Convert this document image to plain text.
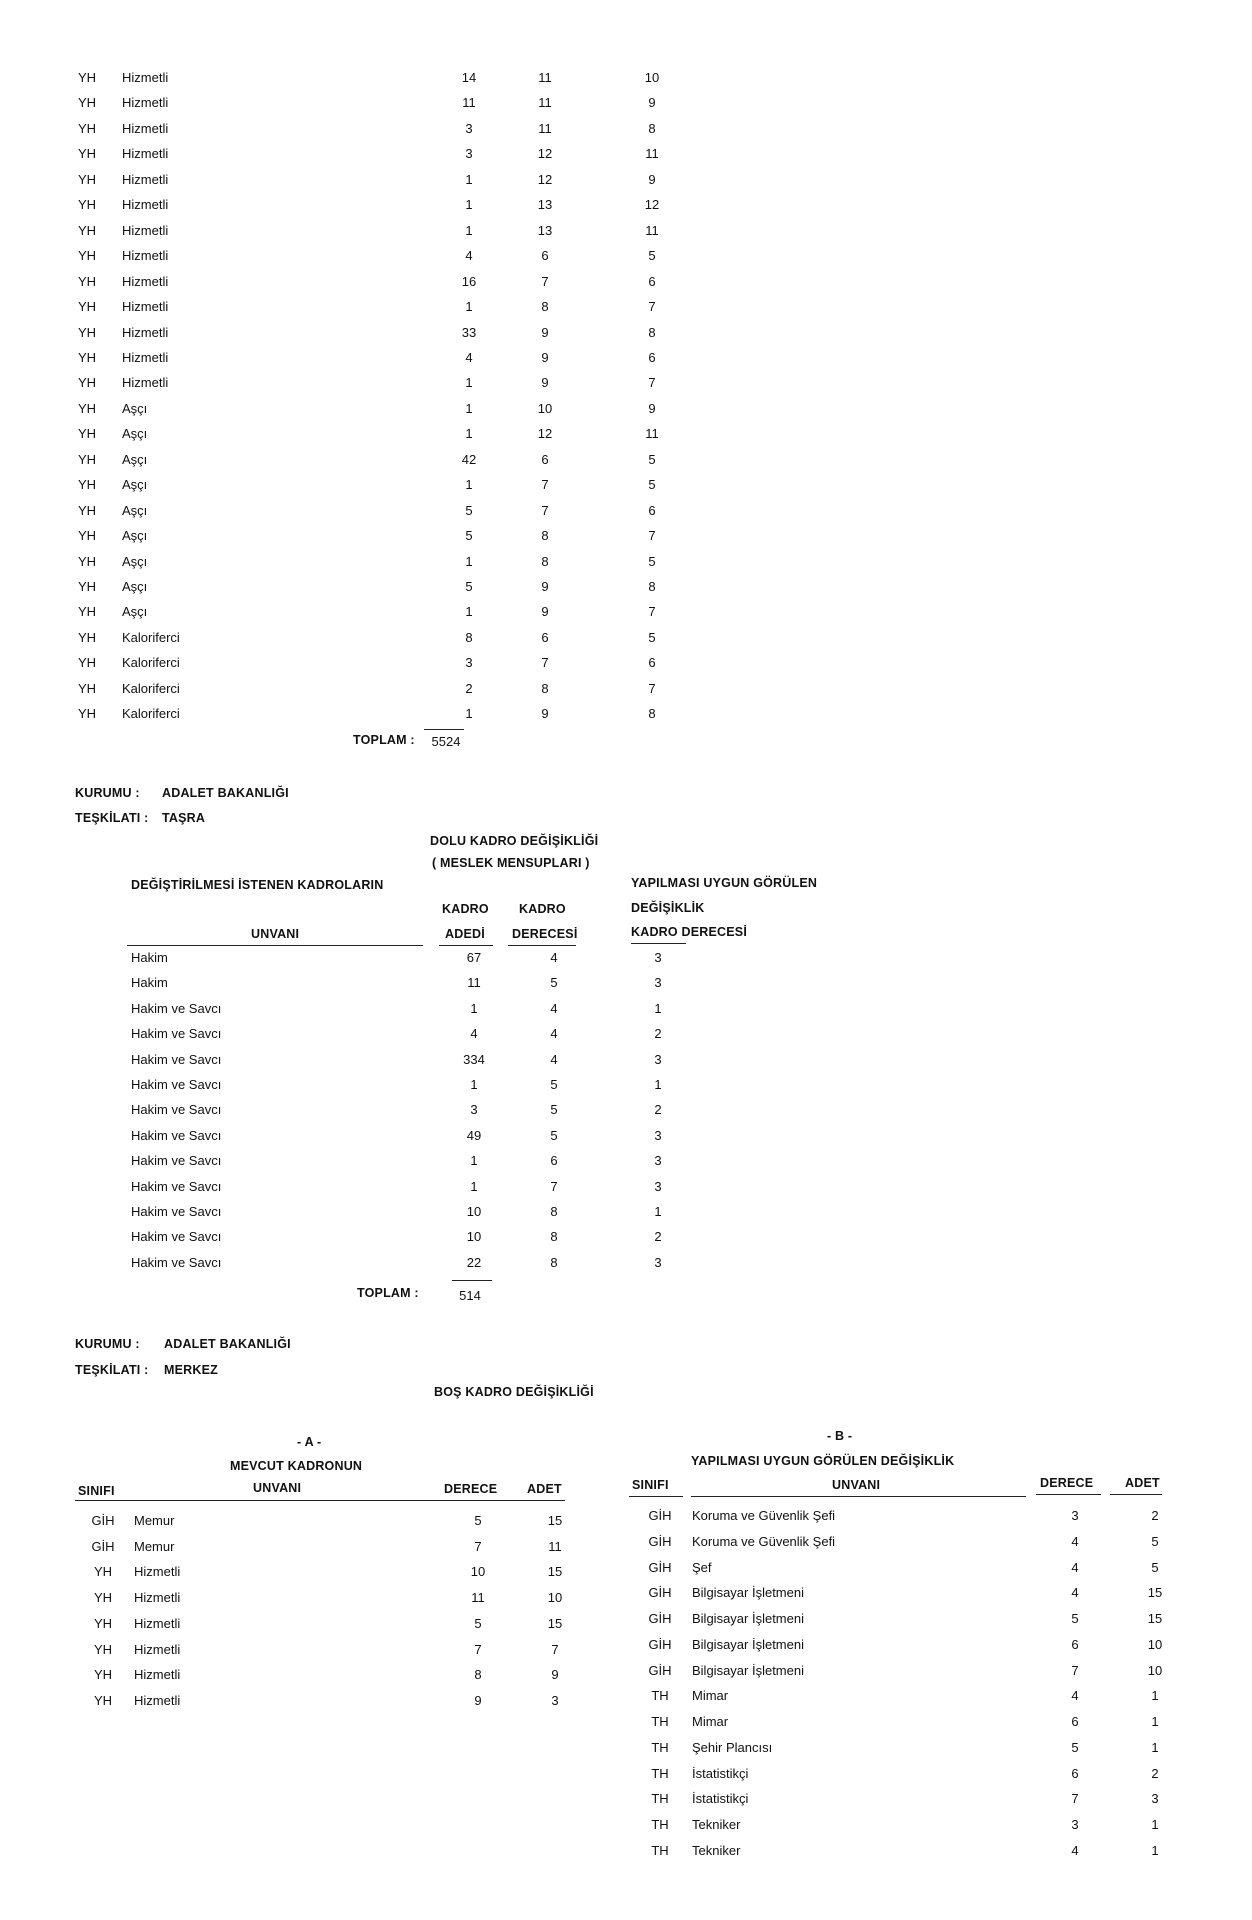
YH Hizmetli	14	11	10
YH Hizmetli	11	11	9
YH Hizmetli	3	11	8
YH Hizmetli	3	12	11
YH Hizmetli	1	12	9
YH Hizmetli	1	13	12
YH Hizmetli	1	13	11
YH Hizmetli	4	6	5
YH Hizmetli	16	7	6
YH Hizmetli	1	8	7
YH Hizmetli	33	9	8
YH Hizmetli	4	9	6
YH Hizmetli	1	9	7
YH Aşçı	1	10	9
YH Aşçı	1	12	11
YH Aşçı	42	6	5
YH Aşçı	1	7	5
YH Aşçı	5	7	6
YH Aşçı	5	8	7
YH Aşçı	1	8	5
YH Aşçı	5	9	8
YH Aşçı	1	9	7
YH Kaloriferci	8	6	5
YH Kaloriferci	3	7	6
YH Kaloriferci	2	8	7
YH Kaloriferci	1	9	8
TOPLAM :	5524
KURUMU : ADALET BAKANLIĞI
TEŞKİLATI : TAŞRA
DOLU KADRO DEĞİŞİKLİĞİ
( MESLEK MENSUPLARI )
DEĞİŞTİRİLMESİ İSTENEN KADROLARIN	YAPILMASI UYGUN GÖRÜLEN
DEĞİŞİKLİK
KADRO KADRO
UNVANI	ADEDİ DERECESİ	KADRO DERECESİ
Hakim	67	4	3
Hakim	11	5	3
Hakim ve Savcı	1	4	1
Hakim ve Savcı	4	4	2
Hakim ve Savcı	334	4	3
Hakim ve Savcı	1	5	1
Hakim ve Savcı	3	5	2
Hakim ve Savcı	49	5	3
Hakim ve Savcı	1	6	3
Hakim ve Savcı	1	7	3
Hakim ve Savcı	10	8	1
Hakim ve Savcı	10	8	2
Hakim ve Savcı	22	8	3
TOPLAM :	514
KURUMU : ADALET BAKANLIĞI
TEŞKİLATI : MERKEZ
BOŞ KADRO DEĞİŞİKLİĞİ
- A -
MEVCUT KADRONUN
SINIFI	UNVANI	DERECE ADET
- B -
YAPILMASI UYGUN GÖRÜLEN DEĞİŞİKLİK
SINIFI	UNVANI	DERECE	ADET
GİH	Memur	5	15
GİH	Memur	7	11
YH	Hizmetli	10	15
YH	Hizmetli	11	10
YH	Hizmetli	5	15
YH	Hizmetli	7	7
YH	Hizmetli	8	9
YH	Hizmetli	9	3
GİH	Koruma ve Güvenlik Şefi	3	2
GİH	Koruma ve Güvenlik Şefi	4	5
GİH	Şef	4	5
GİH	Bilgisayar İşletmeni	4	15
GİH	Bilgisayar İşletmeni	5	15
GİH	Bilgisayar İşletmeni	6	10
GİH	Bilgisayar İşletmeni	7	10
TH	Mimar	4	1
TH	Mimar	6	1
TH	Şehir Plancısı	5	1
TH	İstatistikçi	6	2
TH	İstatistikçi	7	3
TH	Tekniker	3	1
TH	Tekniker	4	1
